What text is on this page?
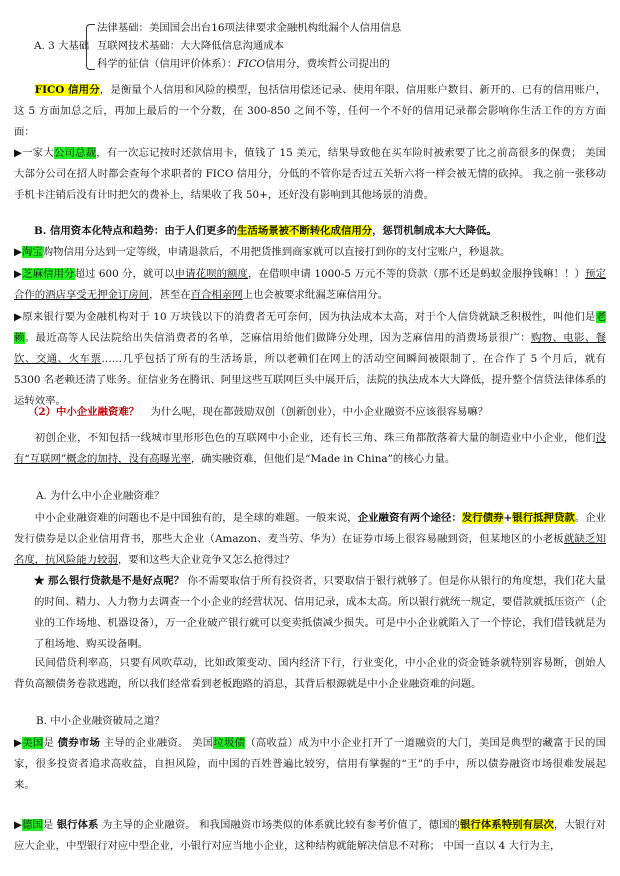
A. 3 大基础
法律基础：美国国会出台16项法律要求金融机构纰漏个人信用信息
互联网技术基础：大大降低信息沟通成本
科学的征信（信用评价体系）：FICO信用分，费埃哲公司提出的
FICO 信用分，是衡量个人信用和风险的模型，包括信用偿还记录、使用年限、信用账户数目、新开的、已有的信用账户，这 5 方面加总之后，再加上最后的一个分数，在 300-850 之间不等，任何一个不好的信用记录都会影响你生活工作的方方面面：
▶一家大公司总裁，有一次忘记按时还款信用卡，值钱了 15 美元，结果导致他在买车险时被索要了比之前高很多的保费； 美国大部分公司在招人时都会查每个求职者的 FICO 信用分，分低的不管你是否过五关斩六将一样会被无情的砍掉。 我之前一张移动手机卡注销后没有计时把欠的费补上，结果收了我 50+，还好没有影响到其他场景的消费。
B. 信用资本化特点和趋势：由于人们更多的生活场景被不断转化成信用分，惩罚机制成本大大降低。
▶淘宝购物信用分达到一定等级，申请退款后，不用把货推到商家就可以直接打到你的支付宝账户，秒退款。
▶芝麻信用分超过 600 分，就可以申请花呗的额度，在借呗申请 1000-5 万元不等的贷款（那不还是蚂蚁金服挣钱嘛！！）预定合作的酒店享受无押金订房间，甚至在百合相亲网上也会被要求纰漏芝麻信用分。
▶原来银行要为金融机构对于 10 万块钱以下的消费者无可奈何，因为执法成本太高，对于个人信贷就缺乏积极性，叫他们是老赖。最近高等人民法院给出失信消费者的名单，芝麻信用给他们做降分处理，因为芝麻信用的消费场景很广：购物、电影、餐饮、交通、火车票……几乎包括了所有的生活场景，所以老赖们在网上的活动空间瞬间被限制了，在合作了 5 个月后，就有 5300 名老赖还清了账务。征信业务在腾讯、阿里这些互联网巨头中展开后，法院的执法成本大大降低，提升整个信贷法律体系的运转效率。
（2）中小企业融资难？ 为什么呢，现在都鼓励双创（创新创业），中小企业融资不应该很容易嘛？
初创企业，不知包括一线城市里形形色色的互联网中小企业，还有长三角、珠三角都散落着大量的制造业中小企业，他们没有“互联网”概念的加持，没有高曝光率，确实融资难，但他们是“Made in China”的核心力量。
A. 为什么中小企业融资难？
中小企业融资难的问题也不是中国独有的，是全球的难题。一般来说，企业融资有两个途径：发行债券+银行抵押贷款。企业发行债券是以企业信用背书，那些大企业（Amazon、麦当劳、华为）在证券市场上很容易融到资，但某地区的小老板就缺乏知名度，抗风险能力较弱，要和这些大企业竞争又怎么抢得过？
★ 那么银行贷款是不是好点呢？ 你不需要取信于所有投资者，只要取信于银行就够了。但是你从银行的角度想，我们花大量的时间、精力、人力物力去调查一个小企业的经营状况、信用记录，成本太高。所以银行就统一规定，要借款就抵压资产（企业的工作场地、机器设备），万一企业破产银行就可以变卖抵债减少损失。可是中小企业就陷入了一个悖论，我们借钱就是为了租场地、购买设备啊。
民间借贷利率高，只要有风吹草动，比如政策变动、国内经济下行，行业变化，中小企业的资金链条就特别容易断，创始人背负高额债务卷款逃跑，所以我们经常看到老板跑路的消息，其背后根源就是中小企业融资难的问题。
B. 中小企业融资破局之道？
▶美国是 债券市场 主导的企业融资。 美国垃圾债（高收益）成为中小企业打开了一道融资的大门，美国是典型的藏富于民的国家，很多投资者追求高收益，自担风险，而中国的百姓普遍比较穷，信用有掌握的“王”的手中，所以债券融资市场很难发展起来。
▶德国是 银行体系 为主导的企业融资。 和我国融资市场类似的体系就比较有参考价值了，德国的银行体系特别有层次，大银行对应大企业，中型银行对应中型企业，小银行对应当地小企业，这种结构就能解决信息不对称； 中国一直以 4 大行为主，
